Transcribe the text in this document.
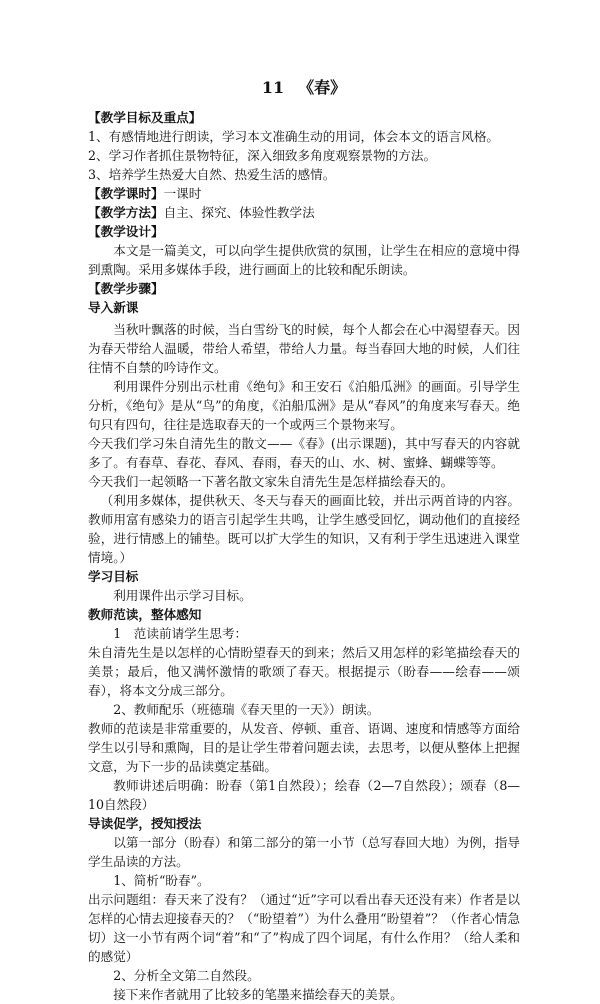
11 《春》

【教学目标及重点】

1、有感情地进行朗读，学习本文准确生动的用词，体会本文的语言风格。

2、学习作者抓住景物特征，深入细致多角度观察景物的方法。

3、培养学生热爱大自然、热爱生活的感情。

【教学课时】一课时

【教学方法】自主、探究、体验性教学法

【教学设计】

本文是一篇美文，可以向学生提供欣赏的氛围，让学生在相应的意境中得到熏陶。采用多媒体手段，进行画面上的比较和配乐朗读。

【教学步骤】

导入新课

当秋叶飘落的时候，当白雪纷飞的时候，每个人都会在心中渴望春天。因为春天带给人温暖，带给人希望，带给人力量。每当春回大地的时候，人们往往情不自禁的吟诗作文。

利用课件分别出示杜甫《绝句》和王安石《泊船瓜洲》的画面。引导学生分析，《绝句》是从“鸟”的角度，《泊船瓜洲》是从“春风”的角度来写春天。绝句只有四句，往往是选取春天的一个或两三个景物来写。

今天我们学习朱自清先生的散文——《春》(出示课题)，其中写春天的内容就多了。有春草、春花、春风、春雨，春天的山、水、树、蜜蜂、蝴蝶等等。

今天我们一起领略一下著名散文家朱自清先生是怎样描绘春天的。

（利用多媒体，提供秋天、冬天与春天的画面比较，并出示两首诗的内容。教师用富有感染力的语言引起学生共鸣，让学生感受回忆，调动他们的直接经验，进行情感上的铺垫。既可以扩大学生的知识，又有利于学生迅速进入课堂情境。）

学习目标

利用课件出示学习目标。

教师范读，整体感知

1　范读前请学生思考：

朱自清先生是以怎样的心情盼望春天的到来；然后又用怎样的彩笔描绘春天的美景；最后，他又满怀激情的歌颂了春天。根据提示（盼春——绘春——颂春），将本文分成三部分。

2、教师配乐（班德瑞《春天里的一天》）朗读。

教师的范读是非常重要的，从发音、停顿、重音、语调、速度和情感等方面给学生以引导和熏陶，目的是让学生带着问题去读，去思考，以便从整体上把握文意，为下一步的品读奠定基础。

教师讲述后明确：盼春（第1自然段）；绘春（2—7自然段）；颂春（8—10自然段）

导读促学，授知授法

以第一部分（盼春）和第二部分的第一小节（总写春回大地）为例，指导学生品读的方法。

1、简析“盼春”。

出示问题组：春天来了没有？（通过“近”字可以看出春天还没有来）作者是以怎样的心情去迎接春天的？（“盼望着”）为什么叠用“盼望着”？（作者心情急切）这一小节有两个词“着”和“了”构成了四个词尾，有什么作用？（给人柔和的感觉）

2、分析全文第二自然段。

接下来作者就用了比较多的笔墨来描绘春天的美景。
